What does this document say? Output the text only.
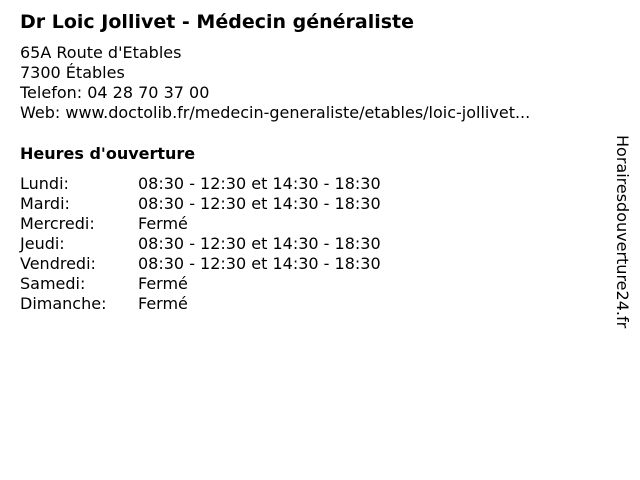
Dr Loic Jollivet - Médecin généraliste
65A Route d'Etables
7300 Étables
Telefon: 04 28 70 37 00
Web: www.doctolib.fr/medecin-generaliste/etables/loic-jollivet...
Heures d'ouverture
Lundi:	08:30 - 12:30 et 14:30 - 18:30
Mardi:	08:30 - 12:30 et 14:30 - 18:30
Mercredi:	Fermé
Jeudi:	08:30 - 12:30 et 14:30 - 18:30
Vendredi:	08:30 - 12:30 et 14:30 - 18:30
Samedi:	Fermé
Dimanche: Fermé	Horairesdouverture24.fr
